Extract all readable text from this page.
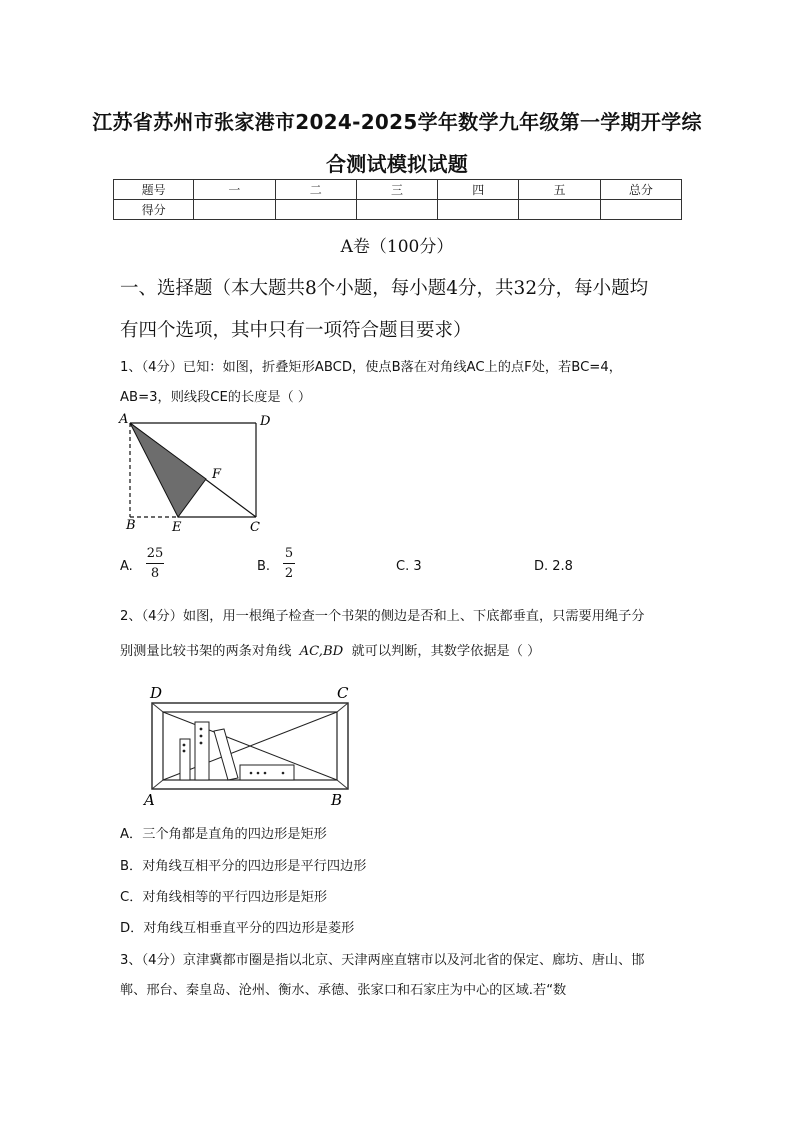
江苏省苏州市张家港市2024-2025学年数学九年级第一学期开学综
合测试模拟试题
题号	一	二	三	四	五	总分
得分						
A卷（100分）
一、选择题（本大题共8个小题，每小题4分，共32分，每小题均
有四个选项，其中只有一项符合题目要求）
1、（4分）已知：如图，折叠矩形ABCD，使点B落在对角线AC上的点F处，若BC=4，
AB=3，则线段CE的长度是（ ）
A	D
F
B	E	C
A.
25
8	B.
5
2	C. 3	D. 2.8
2、（4分）如图，用一根绳子检查一个书架的侧边是否和上、下底都垂直，只需要用绳子分
别测量比较书架的两条对角线 AC,BD 就可以判断，其数学依据是（ ）
D	C
A	B
A．三个角都是直角的四边形是矩形
B．对角线互相平分的四边形是平行四边形
C．对角线相等的平行四边形是矩形
D．对角线互相垂直平分的四边形是菱形
3、（4分）京津冀都市圈是指以北京、天津两座直辖市以及河北省的保定、廊坊、唐山、邯
郸、邢台、秦皇岛、沧州、衡水、承德、张家口和石家庄为中心的区域.若“数
